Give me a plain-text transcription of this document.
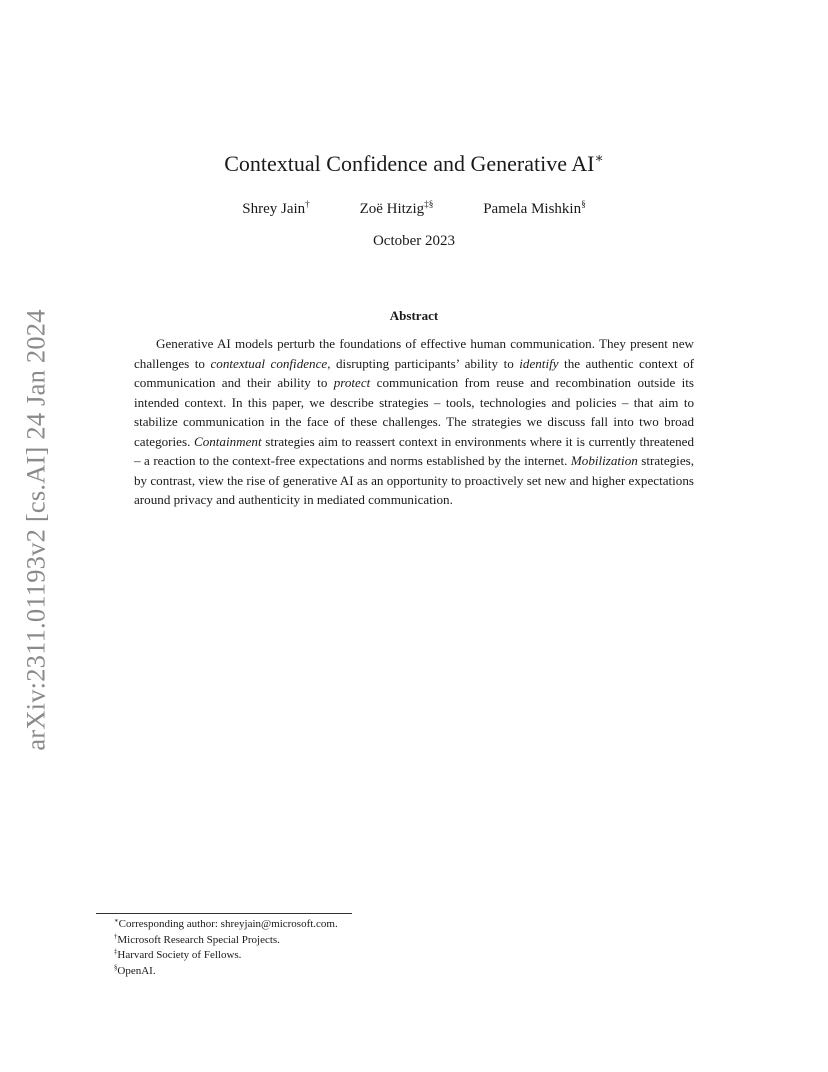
arXiv:2311.01193v2 [cs.AI] 24 Jan 2024
Contextual Confidence and Generative AI∗
Shrey Jain†	Zoë Hitzig‡§	Pamela Mishkin§
October 2023
Abstract

Generative AI models perturb the foundations of effective human communication. They present new challenges to contextual confidence, disrupting participants’ ability to identify the authentic context of communication and their ability to protect communication from reuse and recombination outside its intended context. In this paper, we describe strategies – tools, technologies and policies – that aim to stabilize communication in the face of these challenges. The strategies we discuss fall into two broad categories. Containment strategies aim to reassert context in environments where it is currently threatened – a reaction to the context-free expectations and norms established by the internet. Mobilization strategies, by contrast, view the rise of generative AI as an opportunity to proactively set new and higher expectations around privacy and authenticity in mediated communication.

∗Corresponding author: shreyjain@microsoft.com.
†Microsoft Research Special Projects.
‡Harvard Society of Fellows.
§OpenAI.
